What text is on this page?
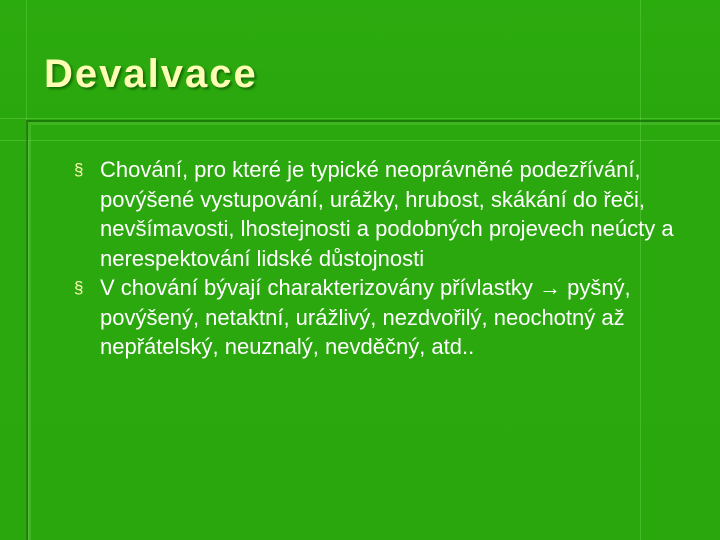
Devalvace
§ Chování, pro které je typické neoprávněné podezřívání, povýšené vystupování, urážky, hrubost, skákání do řeči, nevšímavosti, lhostejnosti a podobných projevech neúcty a nerespektování lidské důstojnosti
§ V chování bývají charakterizovány přívlastky → pyšný, povýšený, netaktní, urážlivý, nezdvořilý, neochotný až nepřátelský, neuznalý, nevděčný, atd..
